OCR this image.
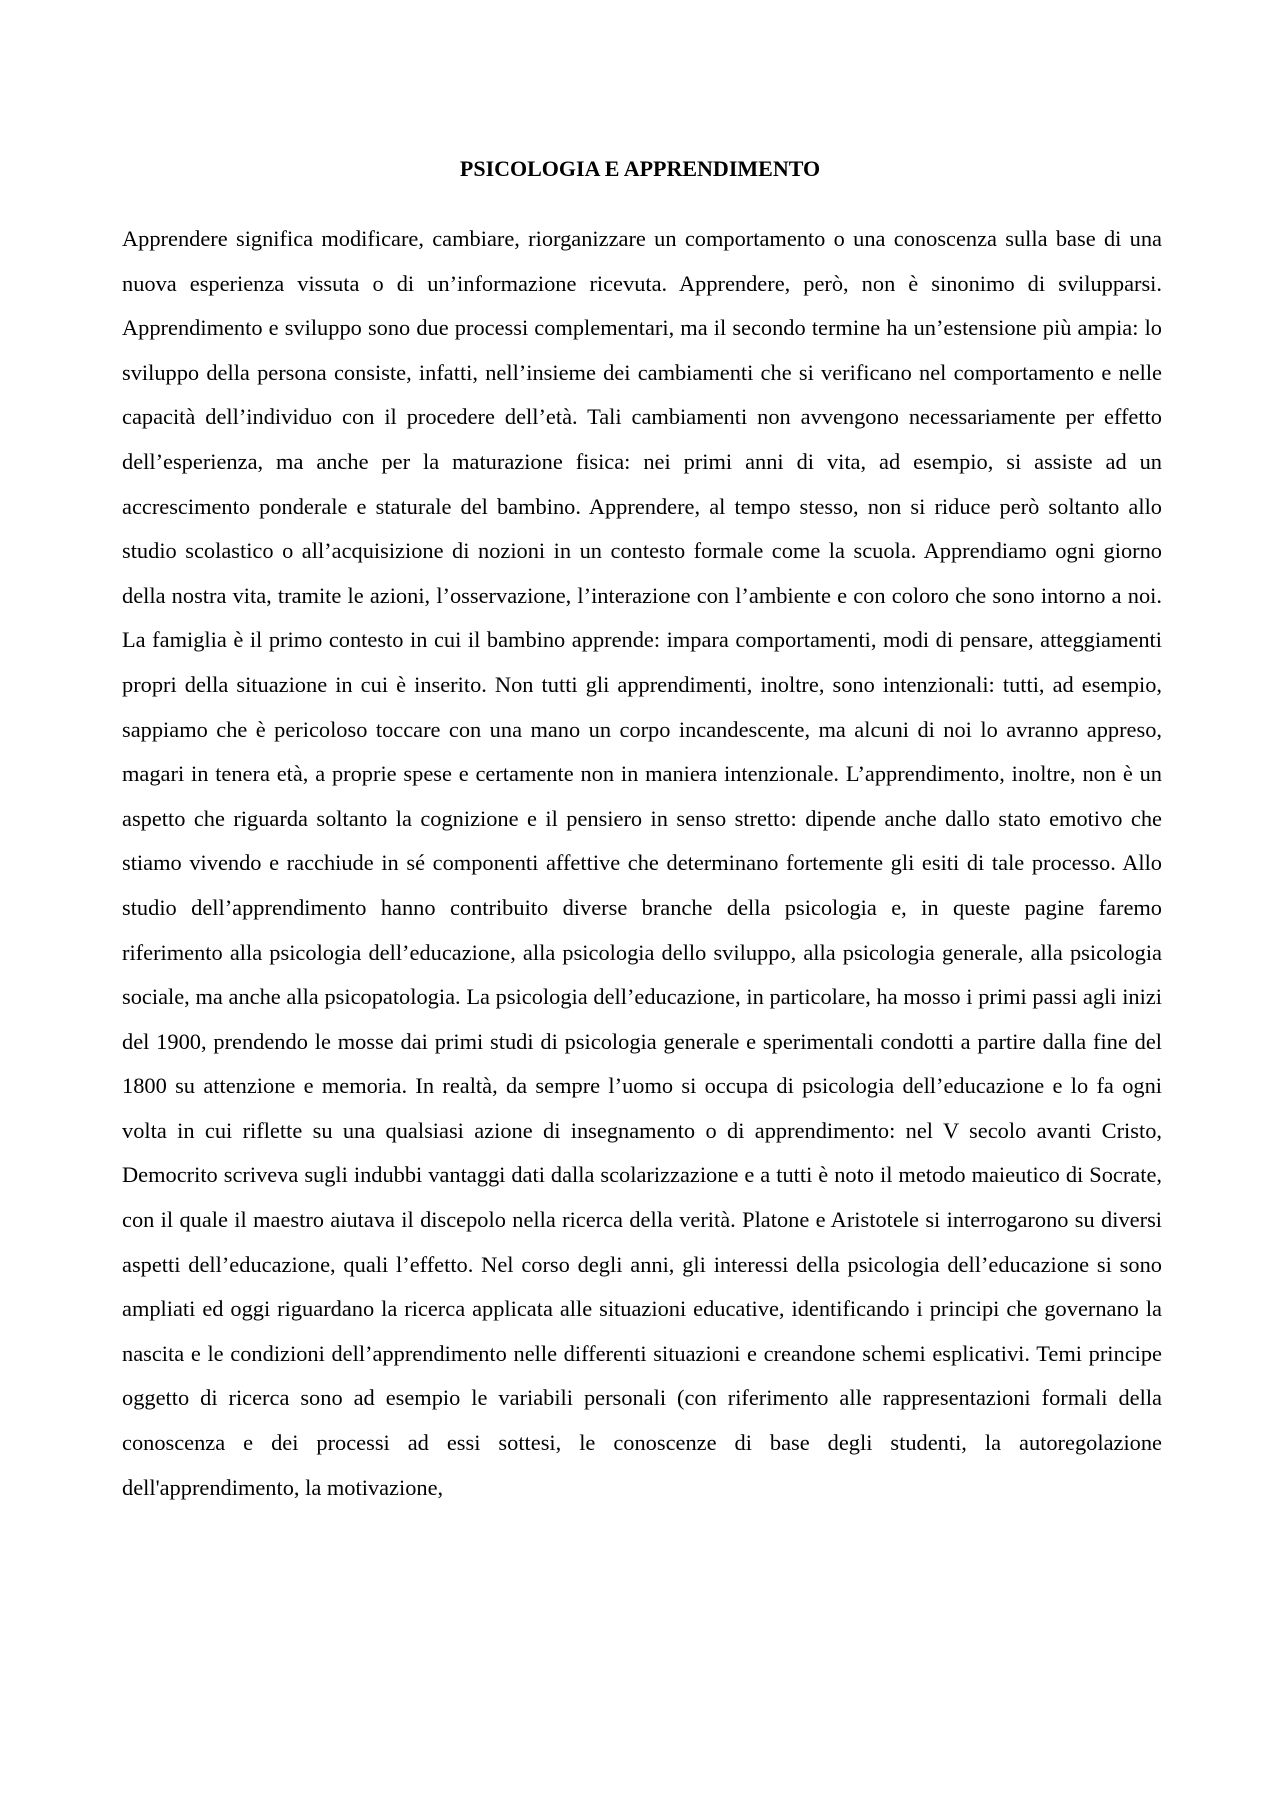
PSICOLOGIA E APPRENDIMENTO

Apprendere significa modificare, cambiare, riorganizzare un comportamento o una conoscenza sulla base di una nuova esperienza vissuta o di un’informazione ricevuta. Apprendere, però, non è sinonimo di svilupparsi. Apprendimento e sviluppo sono due processi complementari, ma il secondo termine ha un’estensione più ampia: lo sviluppo della persona consiste, infatti, nell’insieme dei cambiamenti che si verificano nel comportamento e nelle capacità dell’individuo con il procedere dell’età. Tali cambiamenti non avvengono necessariamente per effetto dell’esperienza, ma anche per la maturazione fisica: nei primi anni di vita, ad esempio, si assiste ad un accrescimento ponderale e staturale del bambino. Apprendere, al tempo stesso, non si riduce però soltanto allo studio scolastico o all’acquisizione di nozioni in un contesto formale come la scuola. Apprendiamo ogni giorno della nostra vita, tramite le azioni, l’osservazione, l’interazione con l’ambiente e con coloro che sono intorno a noi. La famiglia è il primo contesto in cui il bambino apprende: impara comportamenti, modi di pensare, atteggiamenti propri della situazione in cui è inserito. Non tutti gli apprendimenti, inoltre, sono intenzionali: tutti, ad esempio, sappiamo che è pericoloso toccare con una mano un corpo incandescente, ma alcuni di noi lo avranno appreso, magari in tenera età, a proprie spese e certamente non in maniera intenzionale. L’apprendimento, inoltre, non è un aspetto che riguarda soltanto la cognizione e il pensiero in senso stretto: dipende anche dallo stato emotivo che stiamo vivendo e racchiude in sé componenti affettive che determinano fortemente gli esiti di tale processo. Allo studio dell’apprendimento hanno contribuito diverse branche della psicologia e, in queste pagine faremo riferimento alla psicologia dell’educazione, alla psicologia dello sviluppo, alla psicologia generale, alla psicologia sociale, ma anche alla psicopatologia. La psicologia dell’educazione, in particolare, ha mosso i primi passi agli inizi del 1900, prendendo le mosse dai primi studi di psicologia generale e sperimentali condotti a partire dalla fine del 1800 su attenzione e memoria. In realtà, da sempre l’uomo si occupa di psicologia dell’educazione e lo fa ogni volta in cui riflette su una qualsiasi azione di insegnamento o di apprendimento: nel V secolo avanti Cristo, Democrito scriveva sugli indubbi vantaggi dati dalla scolarizzazione e a tutti è noto il metodo maieutico di Socrate, con il quale il maestro aiutava il discepolo nella ricerca della verità. Platone e Aristotele si interrogarono su diversi aspetti dell’educazione, quali l’effetto. Nel corso degli anni, gli interessi della psicologia dell’educazione si sono ampliati ed oggi riguardano la ricerca applicata alle situazioni educative, identificando i principi che governano la nascita e le condizioni dell’apprendimento nelle differenti situazioni e creandone schemi esplicativi. Temi principe oggetto di ricerca sono ad esempio le variabili personali (con riferimento alle rappresentazioni formali della conoscenza e dei processi ad essi sottesi, le conoscenze di base degli studenti, la autoregolazione dell'apprendimento, la motivazione,
